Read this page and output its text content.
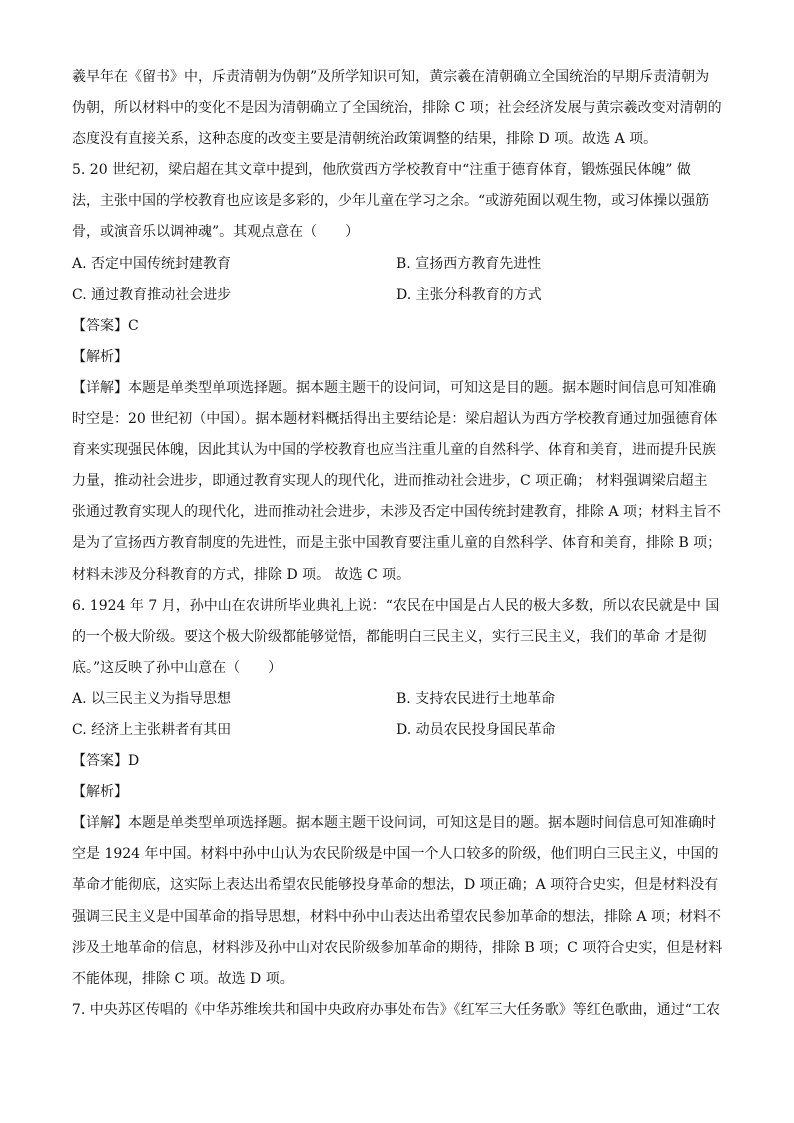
羲早年在《留书》中，斥责清朝为伪朝”及所学知识可知，黄宗羲在清朝确立全国统治的早期斥责清朝为
伪朝，所以材料中的变化不是因为清朝确立了全国统治，排除 C 项；社会经济发展与黄宗羲改变对清朝的
态度没有直接关系，这种态度的改变主要是清朝统治政策调整的结果，排除 D 项。故选 A 项。
5. 20 世纪初，梁启超在其文章中提到，他欣赏西方学校教育中“注重于德育体育，锻炼强民体魄” 做
法，主张中国的学校教育也应该是多彩的，少年儿童在学习之余。“或游苑囿以观生物，或习体操以强筋
骨，或演音乐以调神魂”。其观点意在（　　）
A. 否定中国传统封建教育	B. 宣扬西方教育先进性
C. 通过教育推动社会进步	D. 主张分科教育的方式
【答案】C
【解析】
【详解】本题是单类型单项选择题。据本题主题干的设问词，可知这是目的题。据本题时间信息可知准确
时空是：20 世纪初（中国）。据本题材料概括得出主要结论是：梁启超认为西方学校教育通过加强德育体
育来实现强民体魄，因此其认为中国的学校教育也应当注重儿童的自然科学、体育和美育，进而提升民族
力量，推动社会进步，即通过教育实现人的现代化，进而推动社会进步，C 项正确； 材料强调梁启超主
张通过教育实现人的现代化，进而推动社会进步，未涉及否定中国传统封建教育，排除 A 项；材料主旨不
是为了宣扬西方教育制度的先进性，而是主张中国教育要注重儿童的自然科学、体育和美育，排除 B 项；
材料未涉及分科教育的方式，排除 D 项。 故选 C 项。
6. 1924 年 7 月，孙中山在农讲所毕业典礼上说：“农民在中国是占人民的极大多数，所以农民就是中 国
的一个极大阶级。要这个极大阶级都能够觉悟，都能明白三民主义，实行三民主义，我们的革命 才是彻
底。”这反映了孙中山意在（　　）
A. 以三民主义为指导思想	B. 支持农民进行土地革命
C. 经济上主张耕者有其田	D. 动员农民投身国民革命
【答案】D
【解析】
【详解】本题是单类型单项选择题。据本题主题干设问词，可知这是目的题。据本题时间信息可知准确时
空是 1924 年中国。材料中孙中山认为农民阶级是中国一个人口较多的阶级，他们明白三民主义，中国的
革命才能彻底，这实际上表达出希望农民能够投身革命的想法，D 项正确；A 项符合史实，但是材料没有
强调三民主义是中国革命的指导思想，材料中孙中山表达出希望农民参加革命的想法，排除 A 项；材料不
涉及土地革命的信息，材料涉及孙中山对农民阶级参加革命的期待，排除 B 项；C 项符合史实，但是材料
不能体现，排除 C 项。故选 D 项。
7. 中央苏区传唱的《中华苏维埃共和国中央政府办事处布告》《红军三大任务歌》等红色歌曲，通过“工农
